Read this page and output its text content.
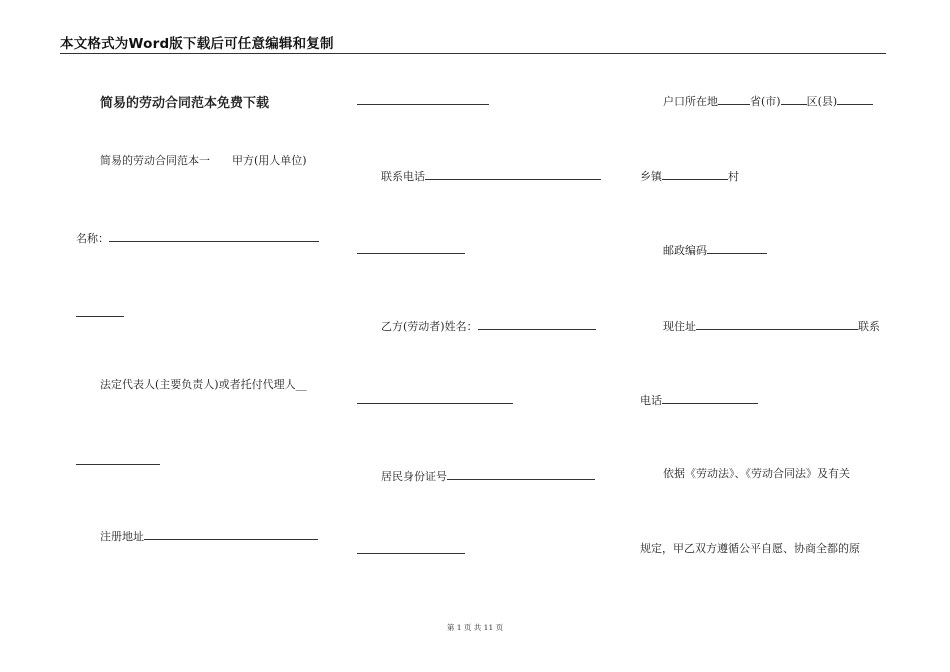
本文格式为Word版下载后可任意编辑和复制
简易的劳动合同范本免费下载
简易的劳动合同范本一　　甲方(用人单位)
名称：
法定代表人(主要负责人)或者托付代理人__
注册地址
联系电话
乙方(劳动者)姓名：
居民身份证号
户口所在地	省(市) 区(县)
乡镇	村
邮政编码
现住址	联系
电话
依据《劳动法》、《劳动合同法》及有关
规定，甲乙双方遵循公平自愿、协商全都的原
第 1 页 共 11 页
